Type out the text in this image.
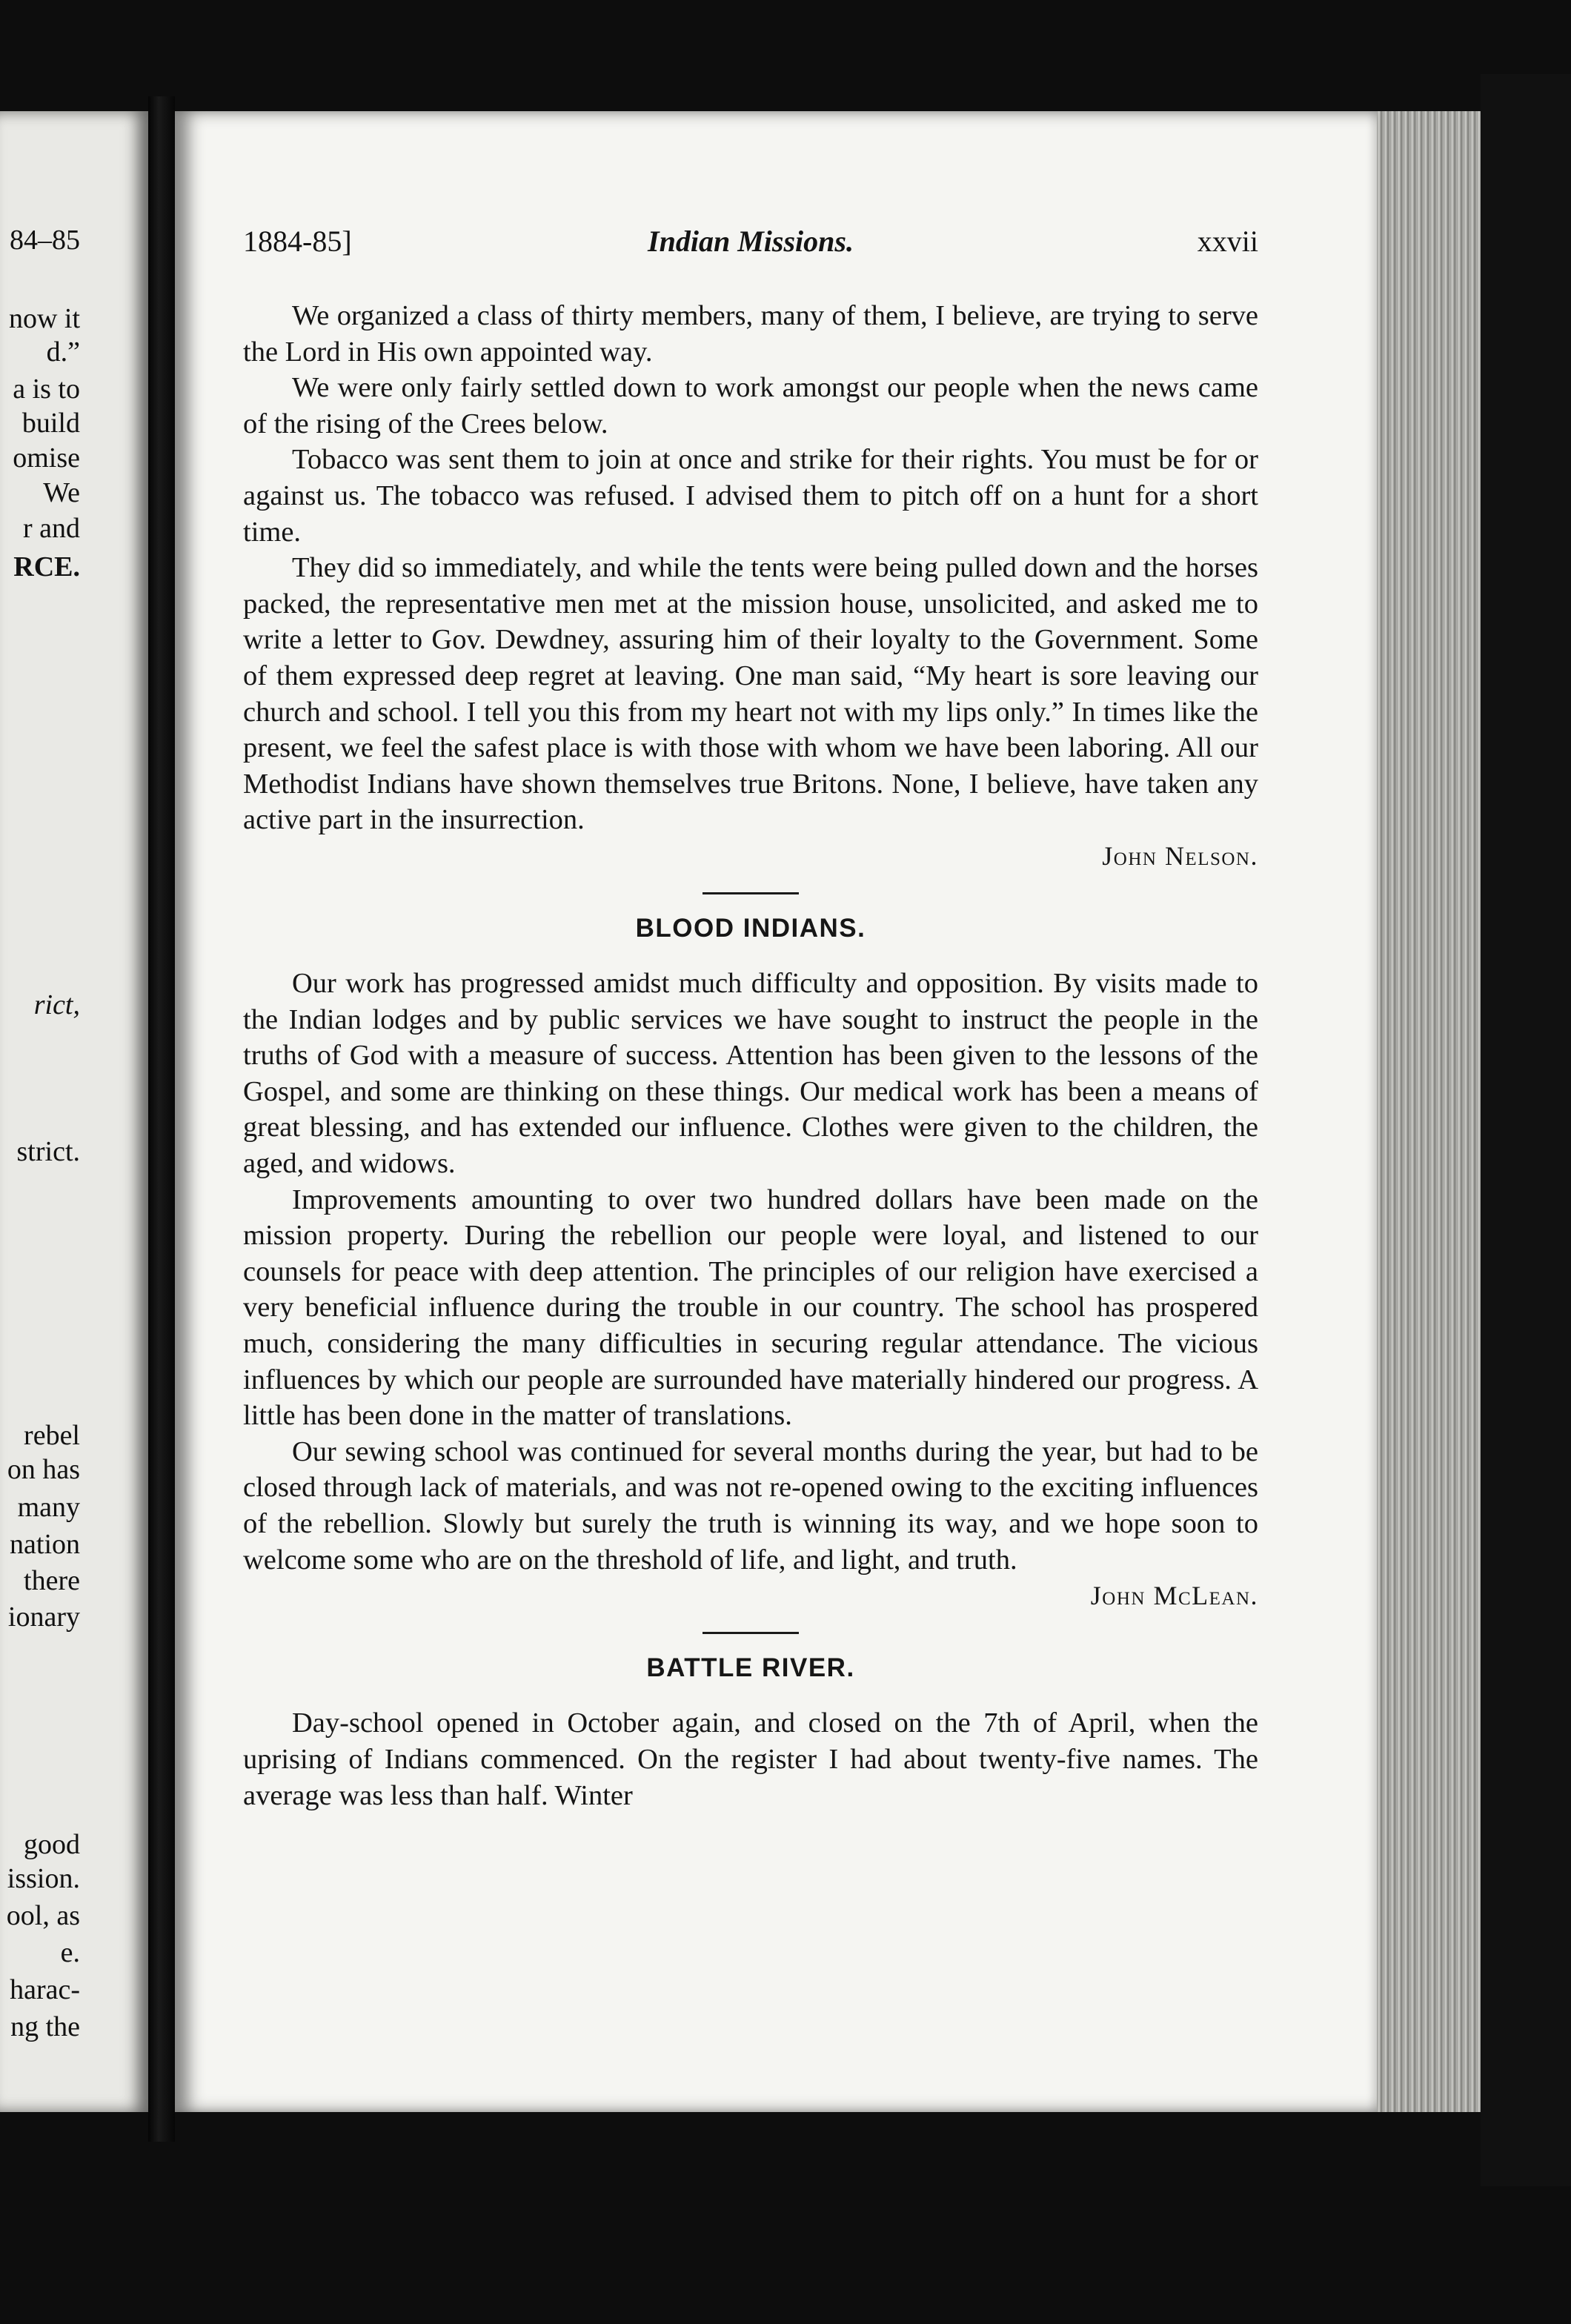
84–85
now it
d.”
a is to
build
omise
We
r and
RCE.
rict,
strict.
rebel
on has
many
nation
there
ionary
good
ission.
ool, as
e.
harac-
ng the
1884-85]	Indian Missions.	xxvii

We organized a class of thirty members, many of them, I believe, are trying to serve the Lord in His own appointed way.

We were only fairly settled down to work amongst our people when the news came of the rising of the Crees below.

Tobacco was sent them to join at once and strike for their rights. You must be for or against us. The tobacco was refused. I advised them to pitch off on a hunt for a short time.

They did so immediately, and while the tents were being pulled down and the horses packed, the representative men met at the mission house, unsolicited, and asked me to write a letter to Gov. Dewdney, assuring him of their loyalty to the Government. Some of them expressed deep regret at leaving. One man said, “My heart is sore leaving our church and school. I tell you this from my heart not with my lips only.” In times like the present, we feel the safest place is with those with whom we have been laboring. All our Methodist Indians have shown themselves true Britons. None, I believe, have taken any active part in the insurrection.

John Nelson.

BLOOD INDIANS.

Our work has progressed amidst much difficulty and opposition. By visits made to the Indian lodges and by public services we have sought to instruct the people in the truths of God with a measure of success. Attention has been given to the lessons of the Gospel, and some are thinking on these things. Our medical work has been a means of great blessing, and has extended our influence. Clothes were given to the children, the aged, and widows.

Improvements amounting to over two hundred dollars have been made on the mission property. During the rebellion our people were loyal, and listened to our counsels for peace with deep attention. The principles of our religion have exercised a very beneficial influence during the trouble in our country. The school has prospered much, considering the many difficulties in securing regular attendance. The vicious influences by which our people are surrounded have materially hindered our progress. A little has been done in the matter of translations.

Our sewing school was continued for several months during the year, but had to be closed through lack of materials, and was not re-opened owing to the exciting influences of the rebellion. Slowly but surely the truth is winning its way, and we hope soon to welcome some who are on the threshold of life, and light, and truth.

John McLean.

BATTLE RIVER.

Day-school opened in October again, and closed on the 7th of April, when the uprising of Indians commenced. On the register I had about twenty-five names. The average was less than half. Winter
